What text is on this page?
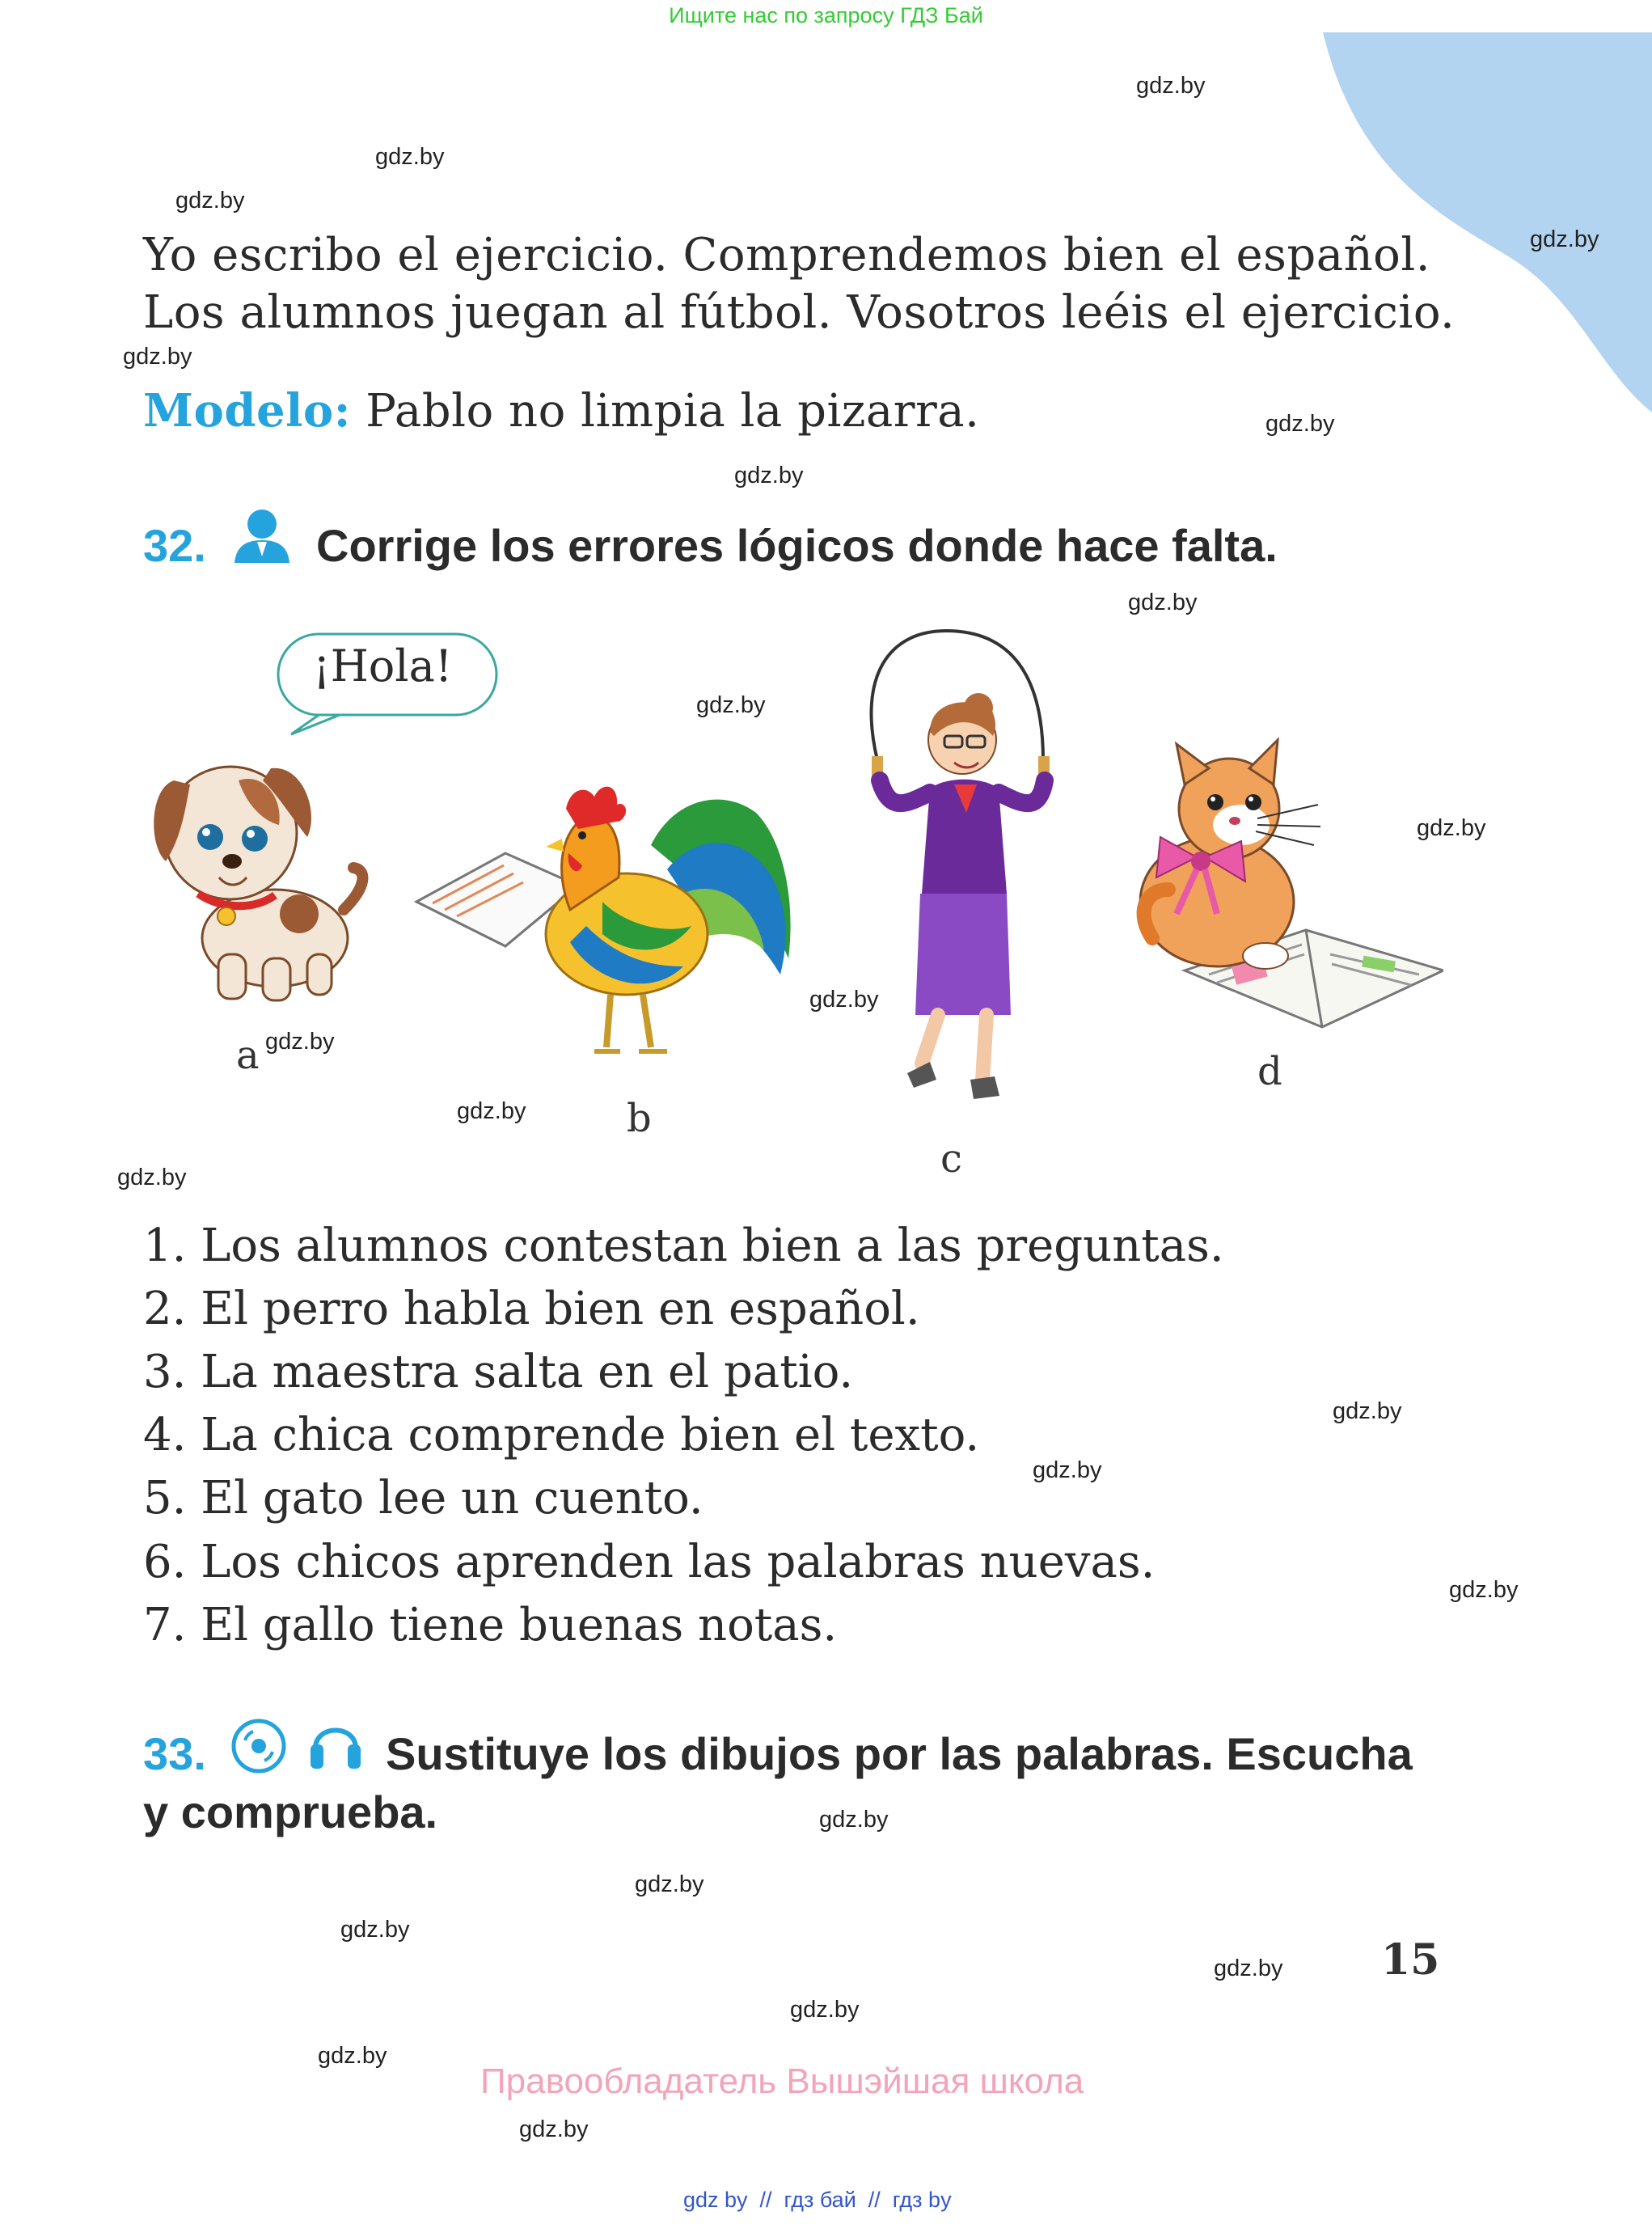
Ищите нас по запросу ГДЗ Бай
gdz.by
gdz.by
gdz.by
gdz.by
gdz.by
gdz.by
gdz.by
gdz.by
gdz.by
gdz.by
gdz.by
gdz.by
gdz.by
gdz.by
gdz.by
gdz.by
gdz.by
gdz.by
gdz.by
gdz.by
gdz.by
gdz.by
gdz.by
gdz.by
Yo escribo el ejercicio. Comprendemos bien el español.
Los alumnos juegan al fútbol. Vosotros leéis el ejercicio.
Modelo: Pablo no limpia la pizarra.
32. Corrige los errores lógicos donde hace falta.
¡Hola!
a
b
c
d
1. Los alumnos contestan bien a las preguntas.
2. El perro habla bien en español.
3. La maestra salta en el patio.
4. La chica comprende bien el texto.
5. El gato lee un cuento.
6. Los chicos aprenden las palabras nuevas.
7. El gallo tiene buenas notas.
33.	Sustituye los dibujos por las palabras. Escucha
y comprueba.
15
Правообладатель Вышэйшая школа
gdz by  //  гдз бай  //  гдз by
